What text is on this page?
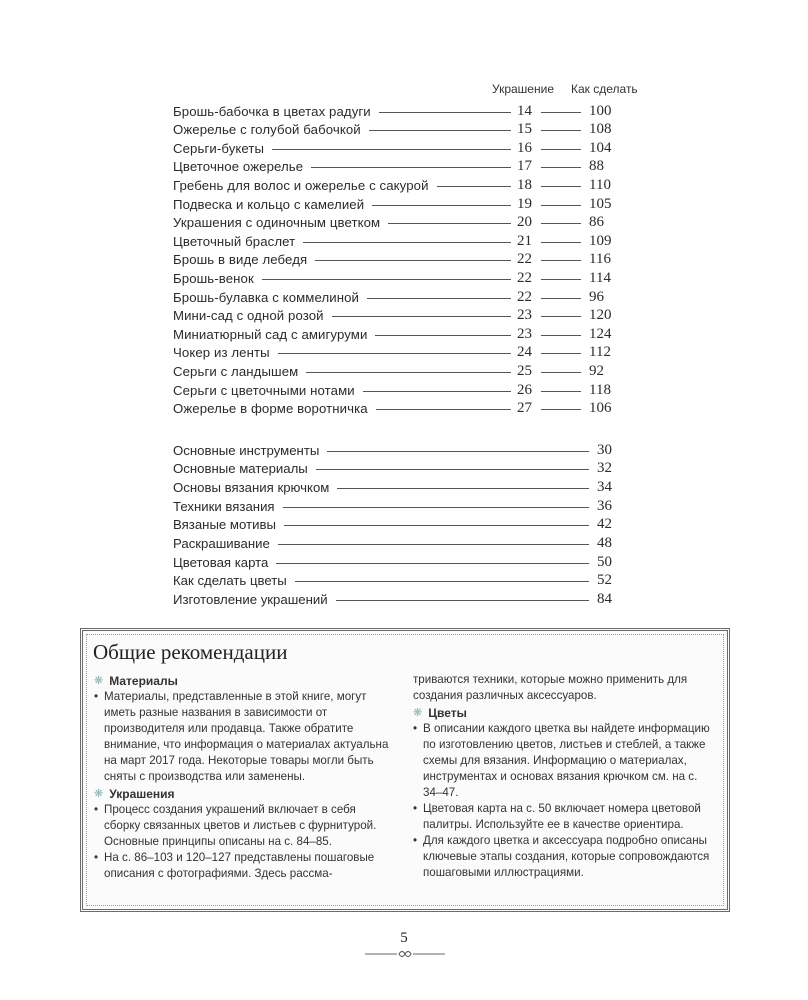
Украшение Как сделать
Брошь-бабочка в цветах радуги	14	100
Ожерелье с голубой бабочкой	15	108
Серьги-букеты	16	104
Цветочное ожерелье	17	88
Гребень для волос и ожерелье с сакурой	18	110
Подвеска и кольцо с камелией	19	105
Украшения с одиночным цветком	20	86
Цветочный браслет	21	109
Брошь в виде лебедя	22	116
Брошь-венок	22	114
Брошь-булавка с коммелиной	22	96
Мини-сад с одной розой	23	120
Миниатюрный сад с амигуруми	23	124
Чокер из ленты	24	112
Серьги с ландышем	25	92
Серьги с цветочными нотами	26	118
Ожерелье в форме воротничка	27	106
Основные инструменты	30
Основные материалы	32
Основы вязания крючком	34
Техники вязания	36
Вязаные мотивы	42
Раскрашивание	48
Цветовая карта	50
Как сделать цветы	52
Изготовление украшений	84
Общие рекомендации
❋ Материалы
• Материалы, представленные в этой книге, могут иметь разные названия в зависимости от производителя или продавца. Также обратите внимание, что информация о материалах актуальна на март 2017 года. Некоторые товары могли быть сняты с производства или заменены.
❋ Украшения
• Процесс создания украшений включает в себя сборку связанных цветов и листьев с фурнитурой. Основные принципы описаны на с. 84–85.
• На с. 86–103 и 120–127 представлены пошаговые описания с фотографиями. Здесь рассма-
триваются техники, которые можно применить для создания различных аксессуаров.
❋ Цветы
• В описании каждого цветка вы найдете информацию по изготовлению цветов, листьев и стеблей, а также схемы для вязания. Информацию о материалах, инструментах и основах вязания крючком см. на с. 34–47.
• Цветовая карта на с. 50 включает номера цветовой палитры. Используйте ее в качестве ориентира.
• Для каждого цветка и аксессуара подробно описаны ключевые этапы создания, которые сопровождаются пошаговыми иллюстрациями.
5
